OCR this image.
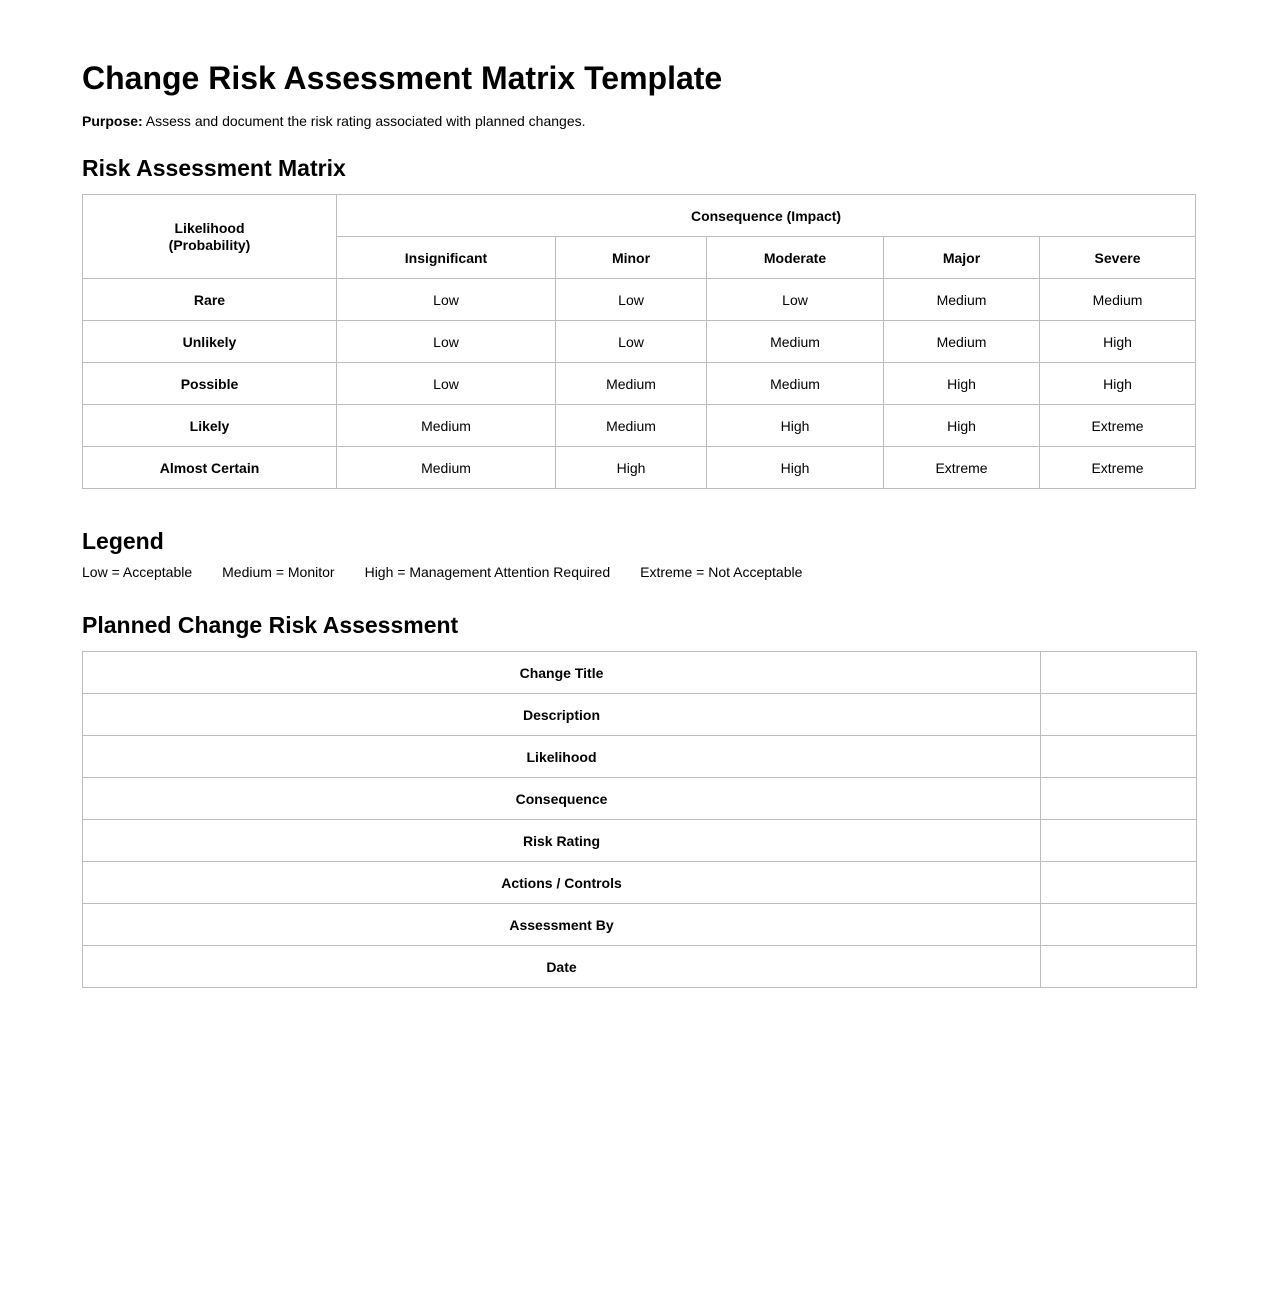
Change Risk Assessment Matrix Template

Purpose: Assess and document the risk rating associated with planned changes.

Risk Assessment Matrix
Likelihood (Probability)	Consequence (Impact)				
	Insignificant	Minor	Moderate	Major	Severe
Rare	Low	Low	Low	Medium	Medium
Unlikely	Low	Low	Medium	Medium	High
Possible	Low	Medium	Medium	High	High
Likely	Medium	Medium	High	High	Extreme
Almost Certain	Medium	High	High	Extreme	Extreme
Legend
Low = Acceptable Medium = Monitor High = Management Attention Required Extreme = Not Acceptable
Planned Change Risk Assessment
Change Title	
Description	
Likelihood	
Consequence	
Risk Rating	
Actions / Controls	
Assessment By	
Date	
